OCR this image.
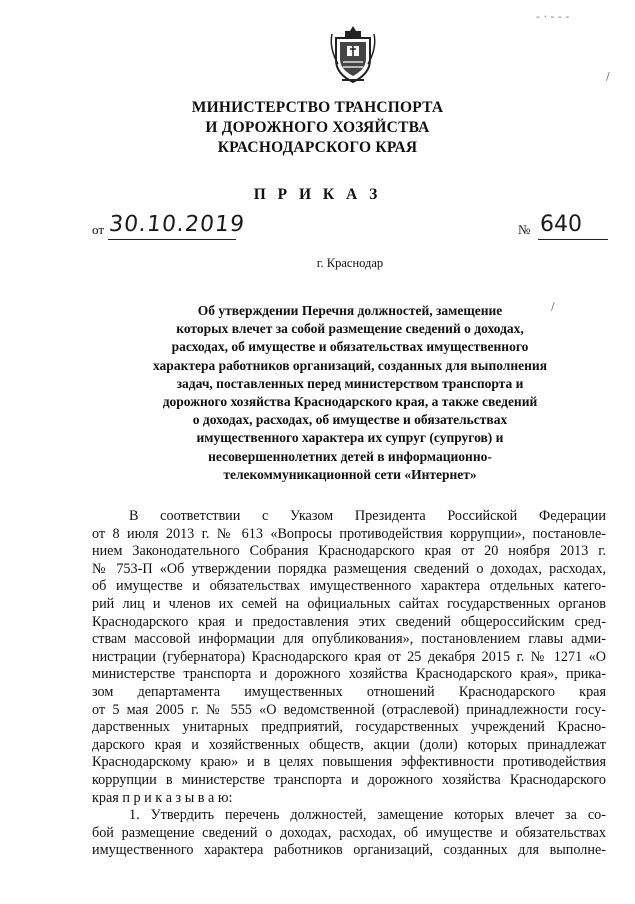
МИНИСТЕРСТВО ТРАНСПОРТА
И ДОРОЖНОГО ХОЗЯЙСТВА
КРАСНОДАРСКОГО КРАЯ
П Р И К А З
от 30.10.2019	№ 640
г. Краснодар
Об утверждении Перечня должностей, замещение
которых влечет за собой размещение сведений о доходах,
расходах, об имуществе и обязательствах имущественного
характера работников организаций, созданных для выполнения
задач, поставленных перед министерством транспорта и
дорожного хозяйства Краснодарского края, а также сведений
о доходах, расходах, об имуществе и обязательствах
имущественного характера их супруг (супругов) и
несовершеннолетних детей в информационно-
телекоммуникационной сети «Интернет»
В соответствии с Указом Президента Российской Федерации
от 8 июля 2013 г. № 613 «Вопросы противодействия коррупции», постановле-
нием Законодательного Собрания Краснодарского края от 20 ноября 2013 г.
№ 753-П «Об утверждении порядка размещения сведений о доходах, расходах,
об имуществе и обязательствах имущественного характера отдельных катего-
рий лиц и членов их семей на официальных сайтах государственных органов
Краснодарского края и предоставления этих сведений общероссийским сред-
ствам массовой информации для опубликования», постановлением главы адми-
нистрации (губернатора) Краснодарского края от 25 декабря 2015 г. № 1271 «О
министерстве транспорта и дорожного хозяйства Краснодарского края», прика-
зом департамента имущественных отношений Краснодарского края
от 5 мая 2005 г. № 555 «О ведомственной (отраслевой) принадлежности госу-
дарственных унитарных предприятий, государственных учреждений Красно-
дарского края и хозяйственных обществ, акции (доли) которых принадлежат
Краснодарскому краю» и в целях повышения эффективности противодействия
коррупции в министерстве транспорта и дорожного хозяйства Краснодарского
края п р и к а з ы в а ю:
1. Утвердить перечень должностей, замещение которых влечет за со-
бой размещение сведений о доходах, расходах, об имуществе и обязательствах
имущественного характера работников организаций, созданных для выполне-
‑ · ‑ ‑ ‑
/
/
